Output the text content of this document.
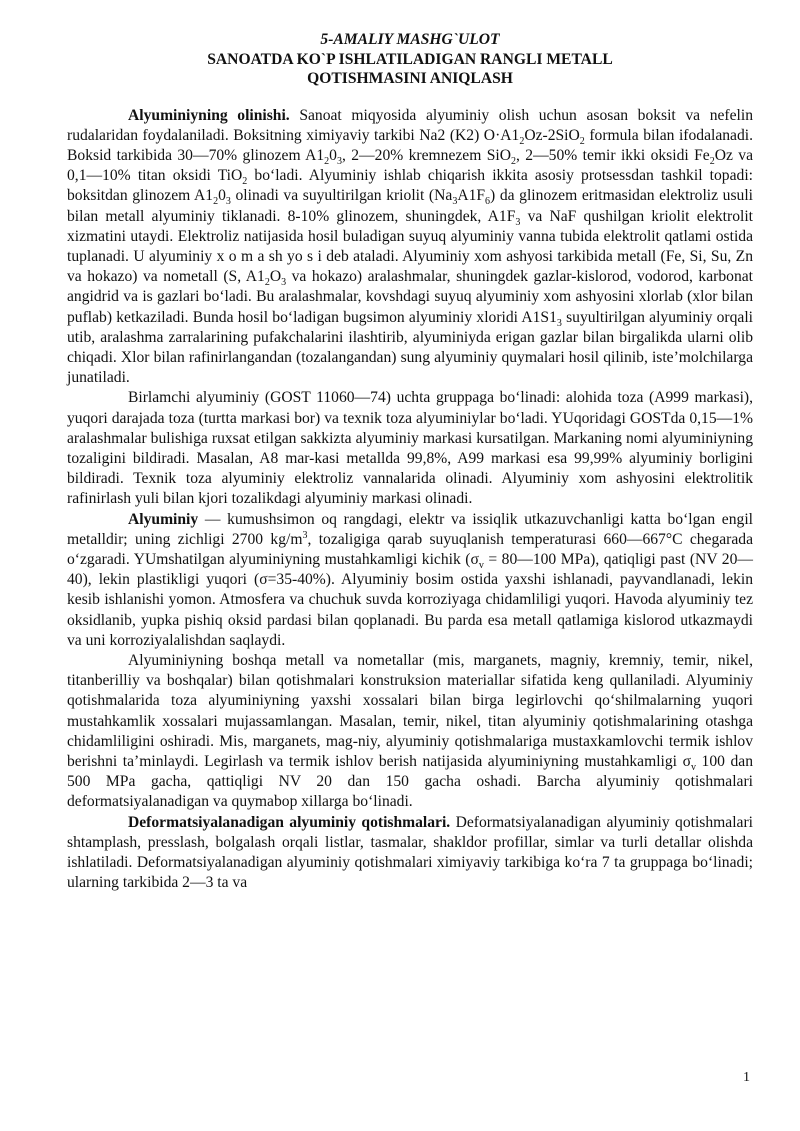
5-AMALIY MASHG`ULOT

SANOATDA KO`P ISHLATILADIGAN RANGLI METALL

QOTISHMASINI ANIQLASH

Alyuminiyning olinishi. Sanoat miqyosida alyuminiy olish uchun asosan boksit va nefelin rudalaridan foydalaniladi. Boksitning ximiyaviy tarkibi Na2 (K2) $O\cdot A1_2Oz-2SiO_2$ formula bilan ifodalanadi. Boksid tarkibida 30—70% glinozem $A1_20_3$, 2—20% kremnezem SiO$_2$, 2—50% temir ikki oksidi $Fe_2Oz$ va 0,1—10% titan oksidi TiO$_2$ bo‘ladi. Alyuminiy ishlab chiqarish ikkita asosiy protsessdan tashkil topadi: boksitdan glinozem $A1_20_3$ olinadi va suyultirilgan kriolit $(Na_3A1F_6)$ da glinozem eritmasidan elektroliz usuli bilan metall alyuminiy tiklanadi. 8-10% glinozem, shuningdek, $A1F_3$ va NaF qushilgan kriolit elektrolit xizmatini utaydi. Elektroliz natijasida hosil buladigan suyuq alyuminiy vanna tubida elektrolit qatlami ostida tuplanadi. U alyuminiy x o m a sh yo s i deb ataladi. Alyuminiy xom ashyosi tarkibida metall (Fe, Si, Su, Zn va hokazo) va nometall (S, $A1_2O_3$ va hokazo) aralashmalar, shuningdek gazlar-kislorod, vodorod, karbonat angidrid va is gazlari bo‘ladi. Bu aralashmalar, kovshdagi suyuq alyuminiy xom ashyosini xlorlab (xlor bilan puflab) ketkaziladi. Bunda hosil bo‘ladigan bugsimon alyuminiy xloridi $A1S1_3$ suyultirilgan alyuminiy orqali utib, aralashma zarralarining pufakchalarini ilashtirib, alyuminiyda erigan gazlar bilan birgalikda ularni olib chiqadi. Xlor bilan rafinirlangandan (tozalangandan) sung alyuminiy quymalari hosil qilinib, iste’molchilarga junatiladi.

Birlamchi alyuminiy (GOST 11060—74) uchta gruppaga bo‘linadi: alohida toza (A999 markasi), yuqori darajada toza (turtta markasi bor) va texnik toza alyuminiylar bo‘ladi. YUqoridagi GOSTda 0,15—1% aralashmalar bulishiga ruxsat etilgan sakkizta alyuminiy markasi kursatilgan. Markaning nomi alyuminiyning tozaligini bildiradi. Masalan, A8 mar-kasi metallda 99,8%, A99 markasi esa 99,99% alyuminiy borligini bildiradi. Texnik toza alyuminiy elektroliz vannalarida olinadi. Alyuminiy xom ashyosini elektrolitik rafinirlash yuli bilan kjori tozalikdagi alyuminiy markasi olinadi.

Alyuminiy — kumushsimon oq rangdagi, elektr va issiqlik utkazuvchanligi katta bo‘lgan engil metalldir; uning zichligi 2700 $kg/m^3$, tozaligiga qarab suyuqlanish temperaturasi 660—667°C chegarada o‘zgaradi. YUmshatilgan alyuminiyning mustahkamligi kichik ($\sigma_v$ = 80—100 MPa), qatiqligi past (NV 20—40), lekin plastikligi yuqori (σ=35-40%). Alyuminiy bosim ostida yaxshi ishlanadi, payvandlanadi, lekin kesib ishlanishi yomon. Atmosfera va chuchuk suvda korroziyaga chidamliligi yuqori. Havoda alyuminiy tez oksidlanib, yupka pishiq oksid pardasi bilan qoplanadi. Bu parda esa metall qatlamiga kislorod utkazmaydi va uni korroziyalalishdan saqlaydi.

Alyuminiyning boshqa metall va nometallar (mis, marganets, magniy, kremniy, temir, nikel, titanberilliy va boshqalar) bilan qotishmalari konstruksion materiallar sifatida keng qullaniladi. Alyuminiy qotishmalarida toza alyuminiyning yaxshi xossalari bilan birga legirlovchi qo‘shilmalarning yuqori mustahkamlik xossalari mujassamlangan. Masalan, temir, nikel, titan alyuminiy qotishmalarining otashga chidamliligini oshiradi. Mis, marganets, mag-niy, alyuminiy qotishmalariga mustaxkamlovchi termik ishlov berishni ta’minlaydi. Legirlash va termik ishlov berish natijasida alyuminiyning mustahkamligi $\sigma_v$ 100 dan 500 MPa gacha, qattiqligi NV 20 dan 150 gacha oshadi. Barcha alyuminiy qotishmalari deformatsiyalanadigan va quymabop xillarga bo‘linadi.

Deformatsiyalanadigan alyuminiy qotishmalari. Deformatsiyalanadigan alyuminiy qotishmalari shtamplash, presslash, bolgalash orqali listlar, tasmalar, shakldor profillar, simlar va turli detallar olishda ishlatiladi. Deformatsiyalanadigan alyuminiy qotishmalari ximiyaviy tarkibiga ko‘ra 7 ta gruppaga bo‘linadi; ularning tarkibida 2—3 ta va

1
